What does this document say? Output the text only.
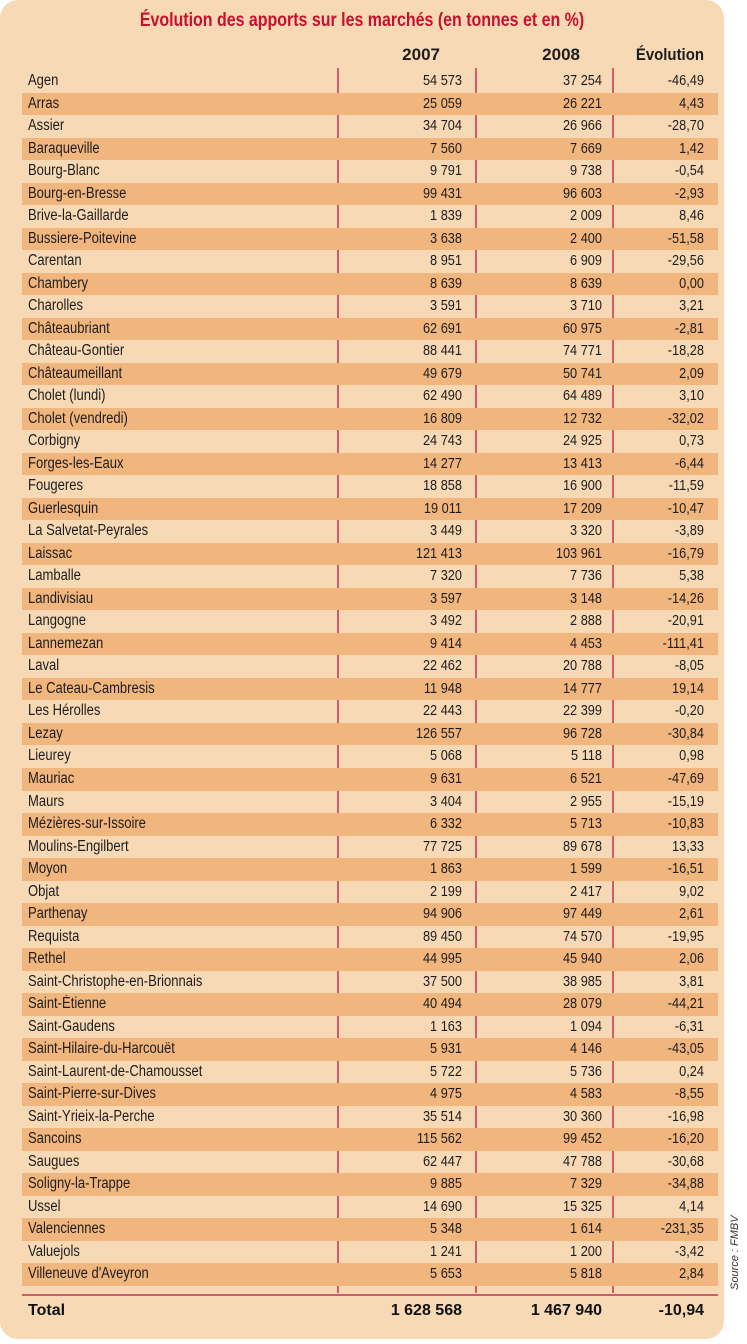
Évolution des apports sur les marchés (en tonnes et en %)
2007	2008	Évolution
Agen	54 573	37 254	-46,49
Arras	25 059	26 221	4,43
Assier	34 704	26 966	-28,70
Baraqueville	7 560	7 669	1,42
Bourg-Blanc	9 791	9 738	-0,54
Bourg-en-Bresse	99 431	96 603	-2,93
Brive-la-Gaillarde	1 839	2 009	8,46
Bussiere-Poitevine	3 638	2 400	-51,58
Carentan	8 951	6 909	-29,56
Chambery	8 639	8 639	0,00
Charolles	3 591	3 710	3,21
Châteaubriant	62 691	60 975	-2,81
Château-Gontier	88 441	74 771	-18,28
Châteaumeillant	49 679	50 741	2,09
Cholet (lundi)	62 490	64 489	3,10
Cholet (vendredi)	16 809	12 732	-32,02
Corbigny	24 743	24 925	0,73
Forges-les-Eaux	14 277	13 413	-6,44
Fougeres	18 858	16 900	-11,59
Guerlesquin	19 011	17 209	-10,47
La Salvetat-Peyrales	3 449	3 320	-3,89
Laissac	121 413	103 961	-16,79
Lamballe	7 320	7 736	5,38
Landivisiau	3 597	3 148	-14,26
Langogne	3 492	2 888	-20,91
Lannemezan	9 414	4 453	-111,41
Laval	22 462	20 788	-8,05
Le Cateau-Cambresis	11 948	14 777	19,14
Les Hérolles	22 443	22 399	-0,20
Lezay	126 557	96 728	-30,84
Lieurey	5 068	5 118	0,98
Mauriac	9 631	6 521	-47,69
Maurs	3 404	2 955	-15,19
Mézières-sur-Issoire	6 332	5 713	-10,83
Moulins-Engilbert	77 725	89 678	13,33
Moyon	1 863	1 599	-16,51
Objat	2 199	2 417	9,02
Parthenay	94 906	97 449	2,61
Requista	89 450	74 570	-19,95
Rethel	44 995	45 940	2,06
Saint-Christophe-en-Brionnais	37 500	38 985	3,81
Saint-Étienne	40 494	28 079	-44,21
Saint-Gaudens	1 163	1 094	-6,31
Saint-Hilaire-du-Harcouët	5 931	4 146	-43,05
Saint-Laurent-de-Chamousset	5 722	5 736	0,24
Saint-Pierre-sur-Dives	4 975	4 583	-8,55
Saint-Yrieix-la-Perche	35 514	30 360	-16,98
Sancoins	115 562	99 452	-16,20
Saugues	62 447	47 788	-30,68
Soligny-la-Trappe	9 885	7 329	-34,88
Ussel	14 690	15 325	4,14
Valenciennes	5 348	1 614	-231,35
Valuejols	1 241	1 200	-3,42
Villeneuve d'Aveyron	5 653	5 818	2,84
Total	1 628 568	1 467 940	-10,94
Source : FMBV
